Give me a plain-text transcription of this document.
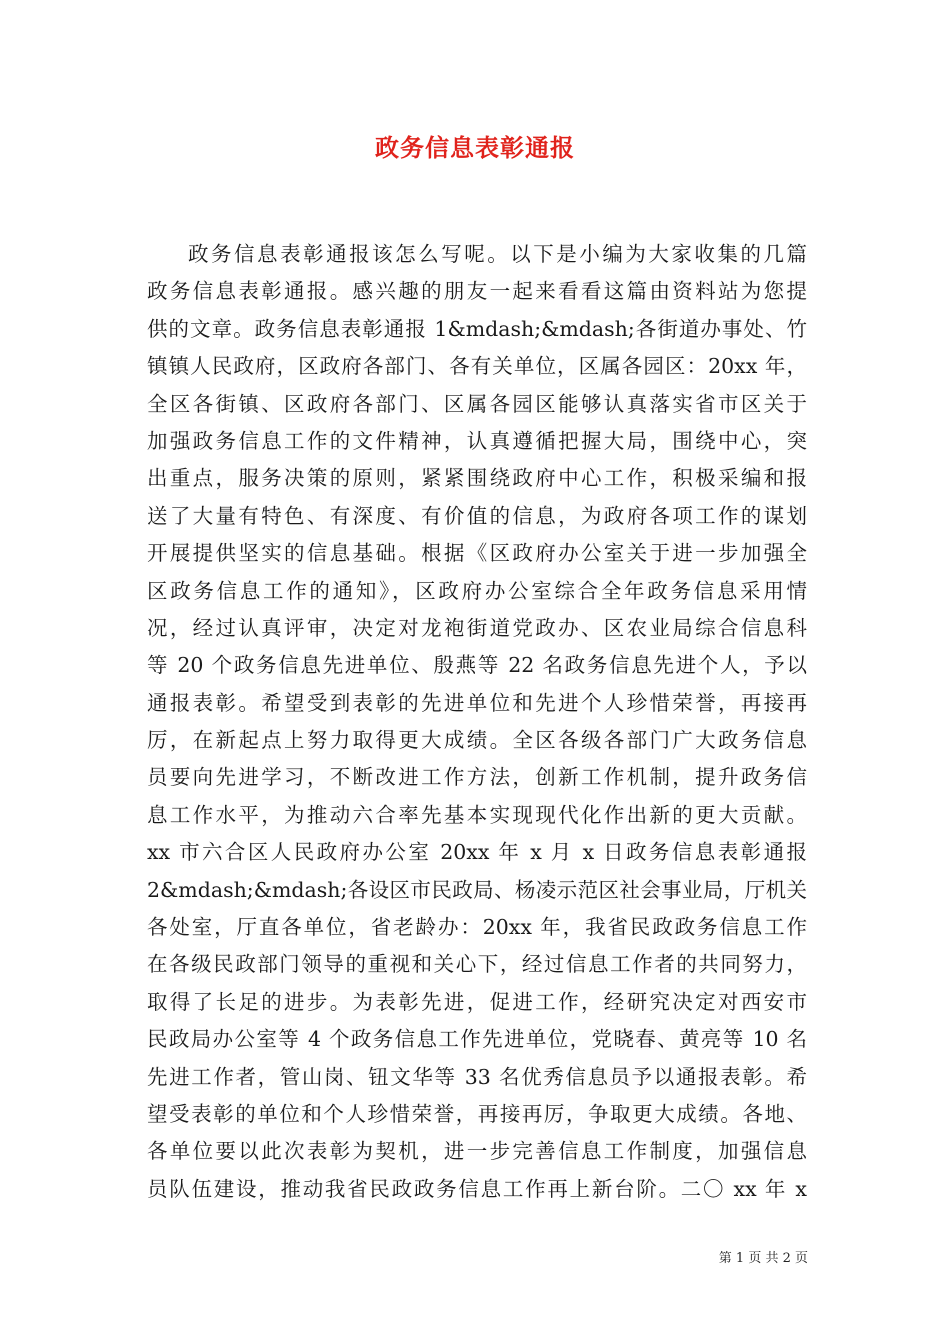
政务信息表彰通报
政务信息表彰通报该怎么写呢。以下是小编为大家收集的几篇
政务信息表彰通报。感兴趣的朋友一起来看看这篇由资料站为您提
供的文章。政务信息表彰通报 1&mdash;&mdash;各街道办事处、竹
镇镇人民政府，区政府各部门、各有关单位，区属各园区：20xx 年，
全区各街镇、区政府各部门、区属各园区能够认真落实省市区关于
加强政务信息工作的文件精神，认真遵循把握大局，围绕中心，突
出重点，服务决策的原则，紧紧围绕政府中心工作，积极采编和报
送了大量有特色、有深度、有价值的信息，为政府各项工作的谋划
开展提供坚实的信息基础。根据《区政府办公室关于进一步加强全
区政务信息工作的通知》，区政府办公室综合全年政务信息采用情
况，经过认真评审，决定对龙袍街道党政办、区农业局综合信息科
等 20 个政务信息先进单位、殷燕等 22 名政务信息先进个人，予以
通报表彰。希望受到表彰的先进单位和先进个人珍惜荣誉，再接再
厉，在新起点上努力取得更大成绩。全区各级各部门广大政务信息
员要向先进学习，不断改进工作方法，创新工作机制，提升政务信
息工作水平，为推动六合率先基本实现现代化作出新的更大贡献。
xx 市六合区人民政府办公室 20xx 年 x 月 x 日政务信息表彰通报
2&mdash;&mdash;各设区市民政局、杨凌示范区社会事业局，厅机关
各处室，厅直各单位，省老龄办：20xx 年，我省民政政务信息工作
在各级民政部门领导的重视和关心下，经过信息工作者的共同努力，
取得了长足的进步。为表彰先进，促进工作，经研究决定对西安市
民政局办公室等 4 个政务信息工作先进单位，党晓春、黄亮等 10 名
先进工作者，管山岗、钮文华等 33 名优秀信息员予以通报表彰。希
望受表彰的单位和个人珍惜荣誉，再接再厉，争取更大成绩。各地、
各单位要以此次表彰为契机，进一步完善信息工作制度，加强信息
员队伍建设，推动我省民政政务信息工作再上新台阶。二〇 xx 年 x
第 1 页 共 2 页
